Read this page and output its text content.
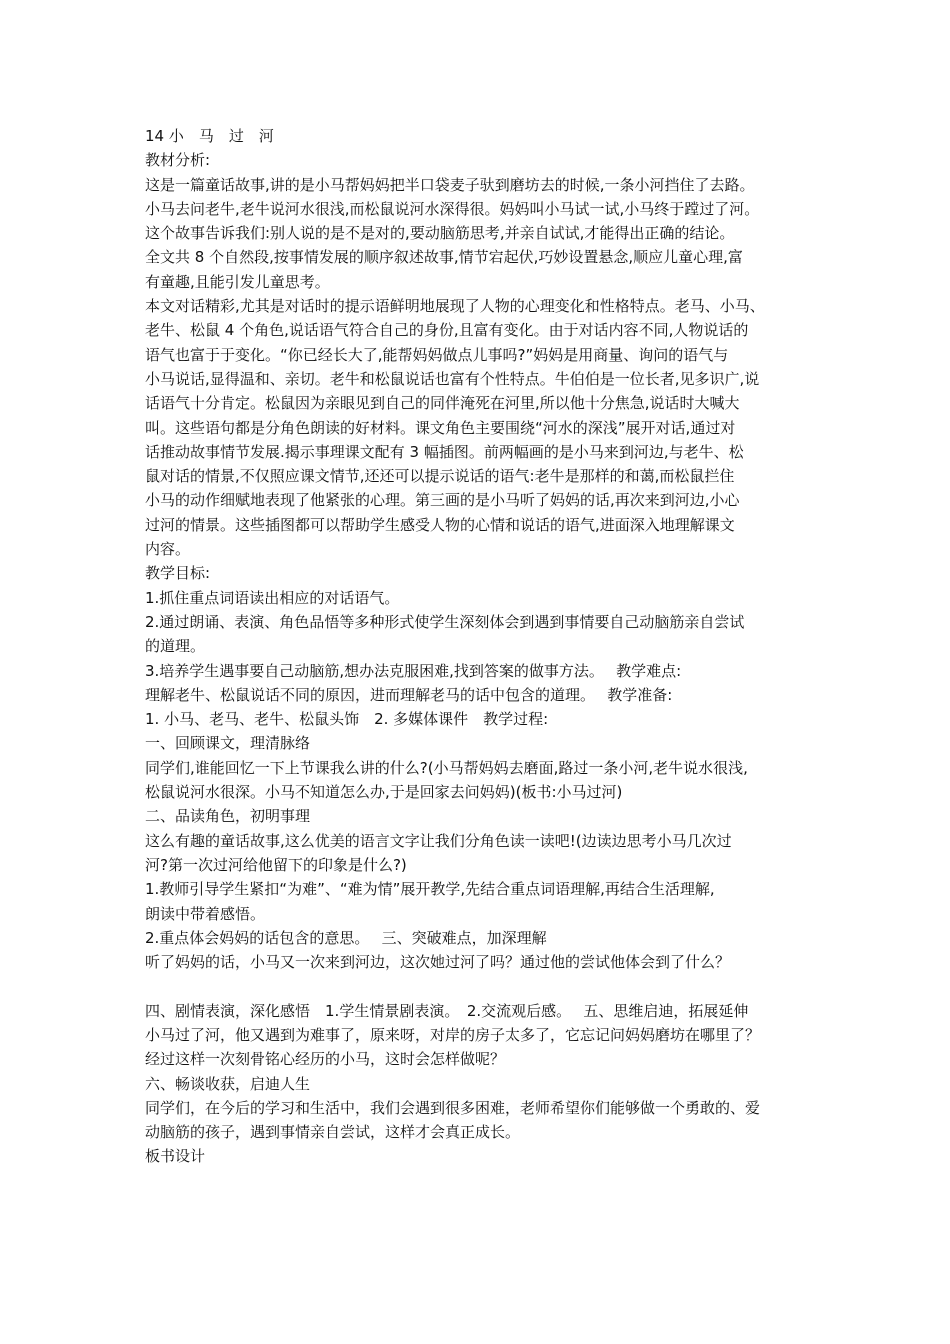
14 小　马　过　河
教材分析:
这是一篇童话故事,讲的是小马帮妈妈把半口袋麦子驮到磨坊去的时候,一条小河挡住了去路。
小马去问老牛,老牛说河水很浅,而松鼠说河水深得很。妈妈叫小马试一试,小马终于蹚过了河。
这个故事告诉我们:别人说的是不是对的,要动脑筋思考,并亲自试试,才能得出正确的结论。
全文共 8 个自然段,按事情发展的顺序叙述故事,情节宕起伏,巧妙设置悬念,顺应儿童心理,富
有童趣,且能引发儿童思考。
本文对话精彩,尤其是对话时的提示语鲜明地展现了人物的心理变化和性格特点。老马、小马、
老牛、松鼠 4 个角色,说话语气符合自己的身份,且富有变化。由于对话内容不同,人物说话的
语气也富于于变化。“你已经长大了,能帮妈妈做点儿事吗?”妈妈是用商量、询问的语气与
小马说话,显得温和、亲切。老牛和松鼠说话也富有个性特点。牛伯伯是一位长者,见多识广,说
话语气十分肯定。松鼠因为亲眼见到自己的同伴淹死在河里,所以他十分焦急,说话时大喊大
叫。这些语句都是分角色朗读的好材料。课文角色主要围绕“河水的深浅”展开对话,通过对
话推动故事情节发展.揭示事理课文配有 3 幅插图。前两幅画的是小马来到河边,与老牛、松
鼠对话的情景,不仅照应课文情节,还还可以提示说话的语气:老牛是那样的和蔼,而松鼠拦住
小马的动作细赋地表现了他紧张的心理。第三画的是小马听了妈妈的话,再次来到河边,小心
过河的情景。这些插图都可以帮助学生感受人物的心情和说话的语气,进面深入地理解课文
内容。
教学目标:
1.抓住重点词语读出相应的对话语气。
2.通过朗诵、表演、角色品悟等多种形式使学生深刻体会到遇到事情要自己动脑筋亲自尝试
的道理。
3.培养学生遇事要自己动脑筋,想办法克服困难,找到答案的做事方法。　 教学难点:
理解老牛、松鼠说话不同的原因，进而理解老马的话中包含的道理。　 教学准备:
1. 小马、老马、老牛、松鼠头饰　2. 多媒体课件　教学过程:
一、回顾课文，理清脉络
同学们,谁能回忆一下上节课我么讲的什么?(小马帮妈妈去磨面,路过一条小河,老牛说水很浅,
松鼠说河水很深。小马不知道怎么办,于是回家去问妈妈)(板书:小马过河)
二、品读角色，初明事理
这么有趣的童话故事,这么优美的语言文字让我们分角色读一读吧!(边读边思考小马几次过
河?第一次过河给他留下的印象是什么?)
1.教师引导学生紧扣“为难”、“难为情”展开教学,先结合重点词语理解,再结合生活理解,
朗读中带着感悟。
2.重点体会妈妈的话包含的意思。　 三、突破难点，加深理解
听了妈妈的话，小马又一次来到河边，这次她过河了吗？通过他的尝试他体会到了什么？
四、剧情表演，深化感悟　1.学生情景剧表演。　2.交流观后感。　 五、思维启迪，拓展延伸
小马过了河，他又遇到为难事了，原来呀，对岸的房子太多了，它忘记问妈妈磨坊在哪里了？
经过这样一次刻骨铭心经历的小马，这时会怎样做呢？
六、畅谈收获，启迪人生
同学们，在今后的学习和生活中，我们会遇到很多困难，老师希望你们能够做一个勇敢的、爱
动脑筋的孩子，遇到事情亲自尝试，这样才会真正成长。
板书设计
